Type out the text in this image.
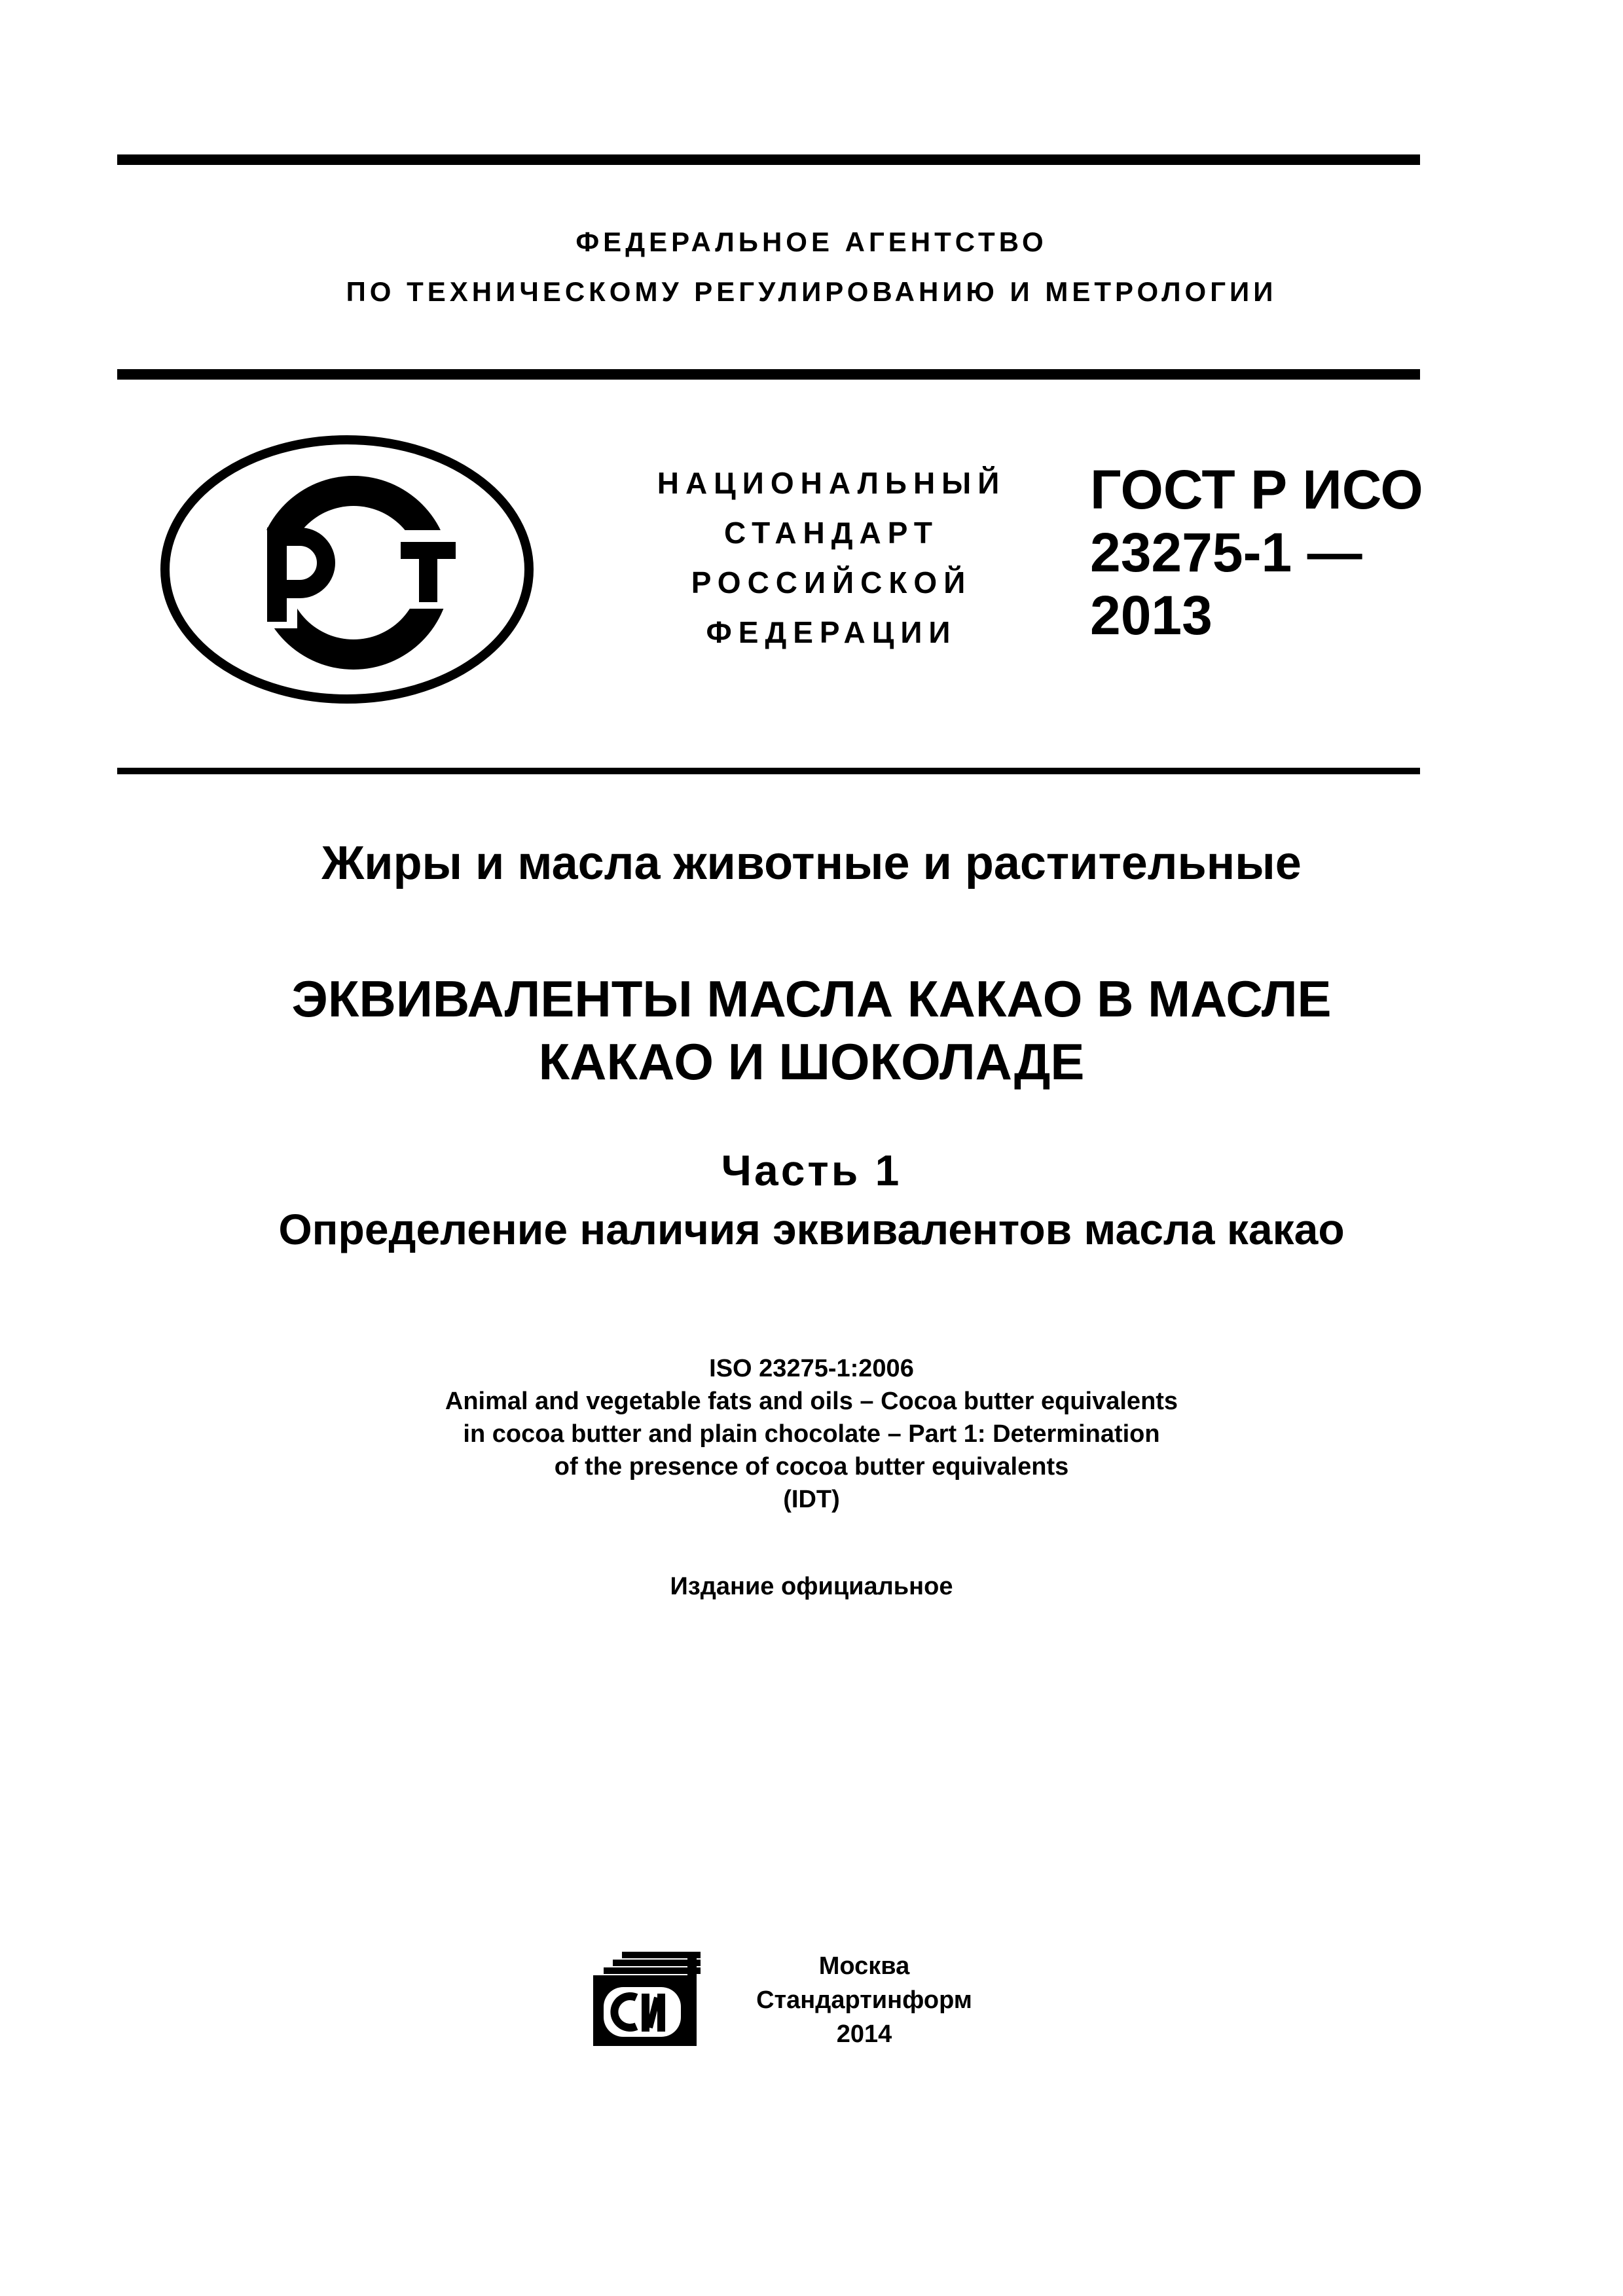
ФЕДЕРАЛЬНОЕ АГЕНТСТВО
ПО ТЕХНИЧЕСКОМУ РЕГУЛИРОВАНИЮ И МЕТРОЛОГИИ
НАЦИОНАЛЬНЫЙ
СТАНДАРТ
РОССИЙСКОЙ
ФЕДЕРАЦИИ
ГОСТ Р ИСО
23275-1 —
2013
Жиры и масла животные и растительные
ЭКВИВАЛЕНТЫ МАСЛА КАКАО В МАСЛЕ
КАКАО И ШОКОЛАДЕ
Часть 1
Определение наличия эквивалентов масла какао
ISO 23275-1:2006
Animal and vegetable fats and oils – Cocoa butter equivalents
in cocoa butter and plain chocolate – Part 1: Determination
of the presence of cocoa butter equivalents
(IDT)
Издание официальное
Москва
Стандартинформ
2014
